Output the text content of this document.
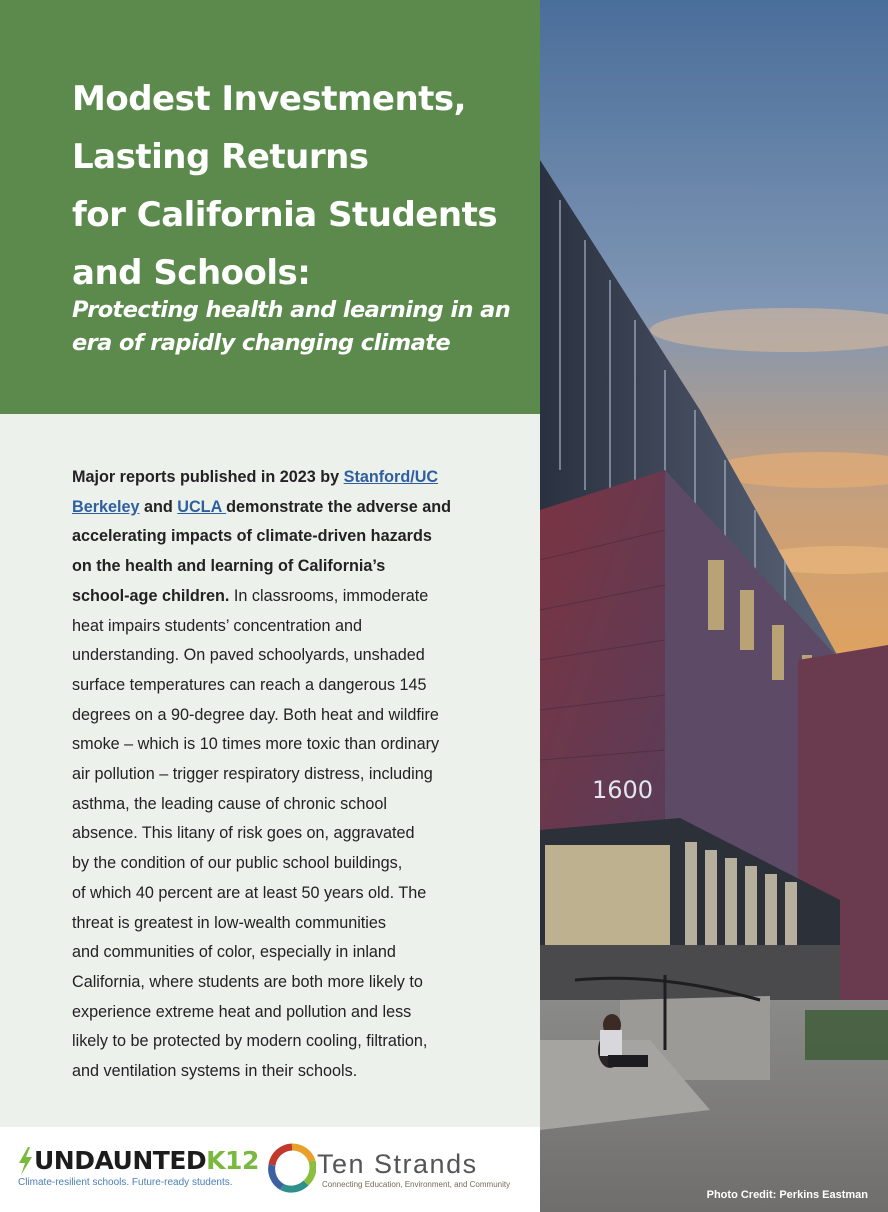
Modest Investments,
Lasting Returns
for California Students
and Schools:
Protecting health and learning in an
era of rapidly changing climate
Major reports published in 2023 by Stanford/UC
Berkeley and UCLA demonstrate the adverse and
accelerating impacts of climate-driven hazards
on the health and learning of California’s
school-age children. In classrooms, immoderate
heat impairs students’ concentration and
understanding. On paved schoolyards, unshaded
surface temperatures can reach a dangerous 145
degrees on a 90-degree day. Both heat and wildfire
smoke – which is 10 times more toxic than ordinary
air pollution – trigger respiratory distress, including
asthma, the leading cause of chronic school
absence. This litany of risk goes on, aggravated
by the condition of our public school buildings,
of which 40 percent are at least 50 years old. The
threat is greatest in low-wealth communities
and communities of color, especially in inland
California, where students are both more likely to
experience extreme heat and pollution and less
likely to be protected by modern cooling, filtration,
and ventilation systems in their schools.
UNDAUNTEDK12
Climate-resilient schools. Future-ready students.
Ten Strands
Connecting Education, Environment, and Community
1600
Photo Credit: Perkins Eastman
